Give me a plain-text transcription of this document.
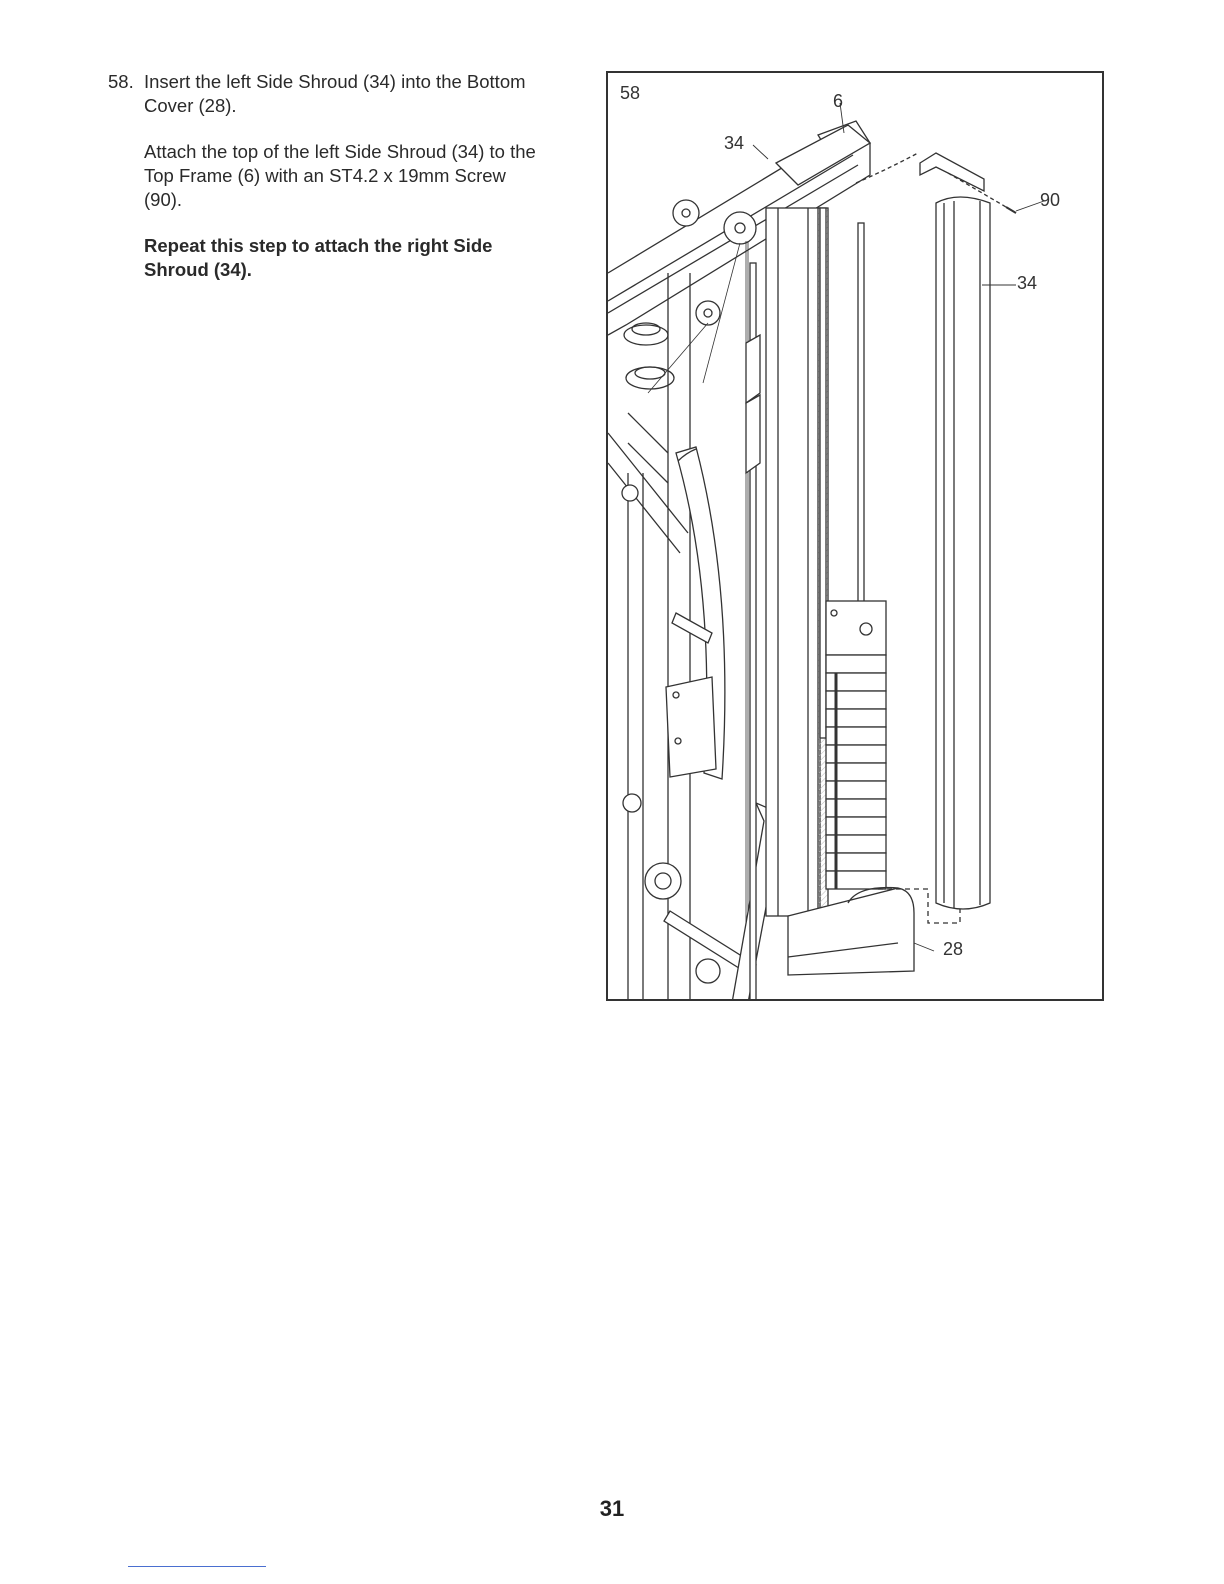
58. Insert the left Side Shroud (34) into the Bottom
Cover (28).
Attach the top of the left Side Shroud (34) to the
Top Frame (6) with an ST4.2 x 19mm Screw
(90).
Repeat this step to attach the right Side
Shroud (34).
58	6
34
90
34
28
31
